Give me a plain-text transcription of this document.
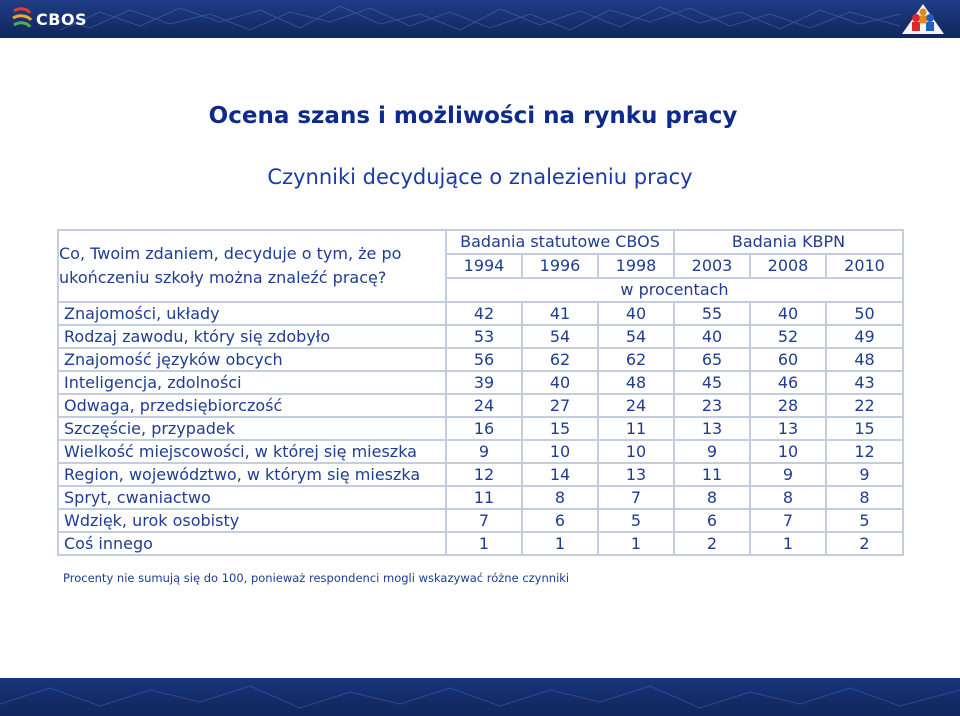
CBOS
Ocena szans i możliwości na rynku pracy
Czynniki decydujące o znalezieniu pracy
Co, Twoim zdaniem, decyduje o tym, że po ukończeniu szkoły można znaleźć pracę?	Badania statutowe CBOS			Badania KBPN		
	1994	1996	1998	2003	2008	2010
	w procentach					
Znajomości, układy	42	41	40	55	40	50
Rodzaj zawodu, który się zdobyło	53	54	54	40	52	49
Znajomość języków obcych	56	62	62	65	60	48
Inteligencja, zdolności	39	40	48	45	46	43
Odwaga, przedsiębiorczość	24	27	24	23	28	22
Szczęście, przypadek	16	15	11	13	13	15
Wielkość miejscowości, w której się mieszka	9	10	10	9	10	12
Region, województwo, w którym się mieszka	12	14	13	11	9	9
Spryt, cwaniactwo	11	8	7	8	8	8
Wdzięk, urok osobisty	7	6	5	6	7	5
Coś innego	1	1	1	2	1	2
Procenty nie sumują się do 100, ponieważ respondenci mogli wskazywać różne czynniki
